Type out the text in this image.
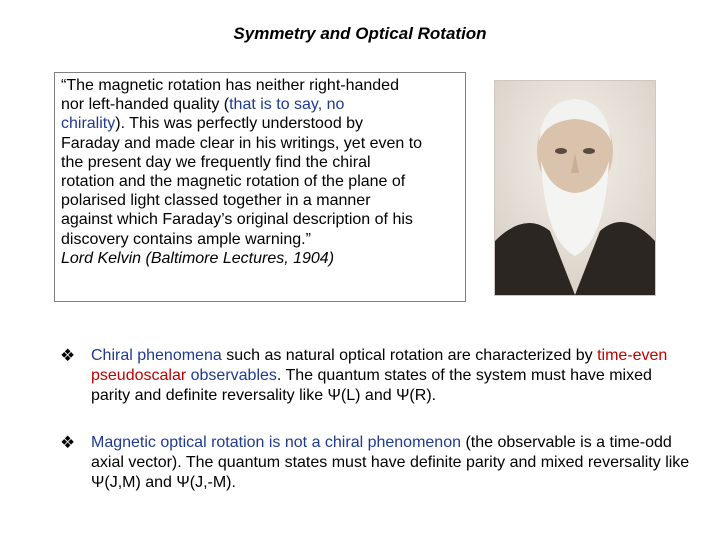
Symmetry and Optical Rotation
“The magnetic rotation has neither right-handed
nor left-handed quality (that is to say, no
chirality). This was perfectly understood by
Faraday and made clear in his writings, yet even to
the present day we frequently find the chiral
rotation and the magnetic rotation of the plane of
polarised light classed together in a manner
against which Faraday’s original description of his
discovery contains ample warning.”
Lord Kelvin (Baltimore Lectures, 1904)
❖ Chiral phenomena such as natural optical rotation are characterized by time-even pseudoscalar observables. The quantum states of the system must have mixed parity and definite reversality like Ψ(L) and Ψ(R).
❖ Magnetic optical rotation is not a chiral phenomenon (the observable is a time-odd axial vector). The quantum states must have definite parity and mixed reversality like Ψ(J,M) and Ψ(J,-M).
